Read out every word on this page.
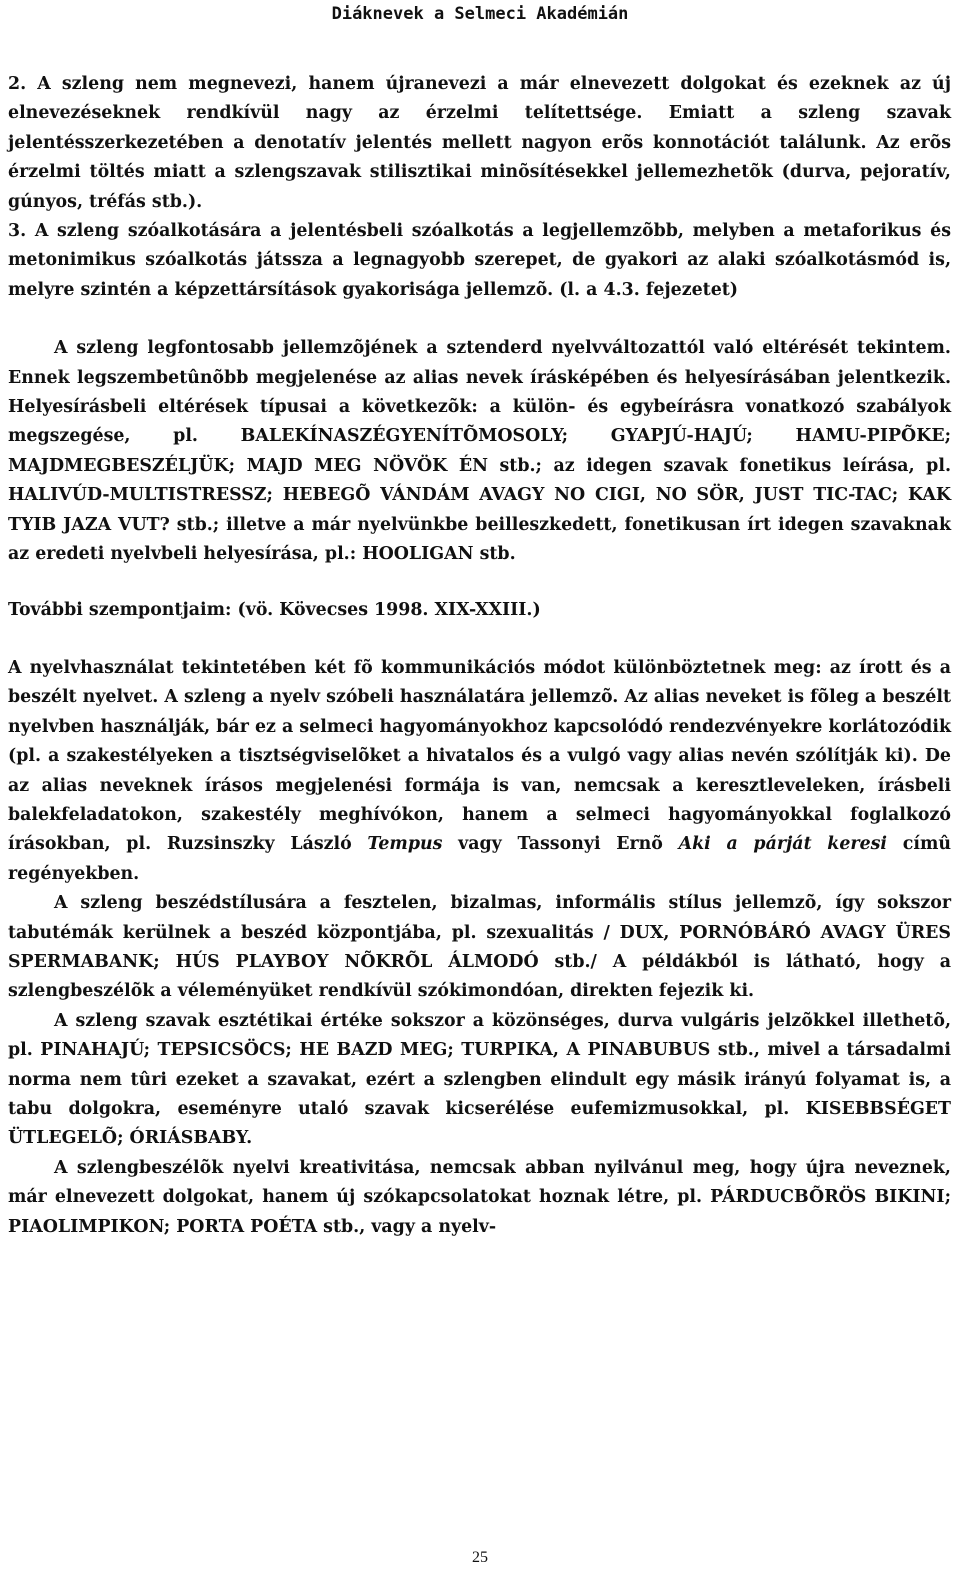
Diáknevek a Selmeci Akadémián

2. A szleng nem megnevezi, hanem újranevezi a már elnevezett dolgokat és ezeknek az új elnevezéseknek rendkívül nagy az érzelmi telítettsége. Emiatt a szleng szavak jelentésszerkezetében a denotatív jelentés mellett nagyon erõs konnotációt találunk. Az erõs érzelmi töltés miatt a szlengszavak stilisztikai minõsítésekkel jellemezhetõk (durva, pejoratív, gúnyos, tréfás stb.).

3. A szleng szóalkotására a jelentésbeli szóalkotás a legjellemzõbb, melyben a metaforikus és metonimikus szóalkotás játssza a legnagyobb szerepet, de gyakori az alaki szóalkotásmód is, melyre szintén a képzettársítások gyakorisága jellemzõ. (l. a 4.3. fejezetet)

A szleng legfontosabb jellemzõjének a sztenderd nyelvváltozattól való eltérését tekintem. Ennek legszembetûnõbb megjelenése az alias nevek írásképében és helyesírásában jelentkezik. Helyesírásbeli eltérések típusai a következõk: a külön- és egybeírásra vonatkozó szabályok megszegése, pl. BALEKÍNASZÉGYENÍTÕMOSOLY; GYAPJÚ-HAJÚ; HAMU-PIPÕKE; MAJDMEGBESZÉLJÜK; MAJD MEG NÖVÖK ÉN stb.; az idegen szavak fonetikus leírása, pl. HALIVÚD-MULTISTRESSZ; HEBEGÕ VÁNDÁM AVAGY NO CIGI, NO SÖR, JUST TIC-TAC; KAK TYIB JAZA VUT? stb.; illetve a már nyelvünkbe beilleszkedett, fonetikusan írt idegen szavaknak az eredeti nyelvbeli helyesírása, pl.: HOOLIGAN stb.

További szempontjaim: (vö. Kövecses 1998. XIX-XXIII.)

A nyelvhasználat tekintetében két fõ kommunikációs módot különböztetnek meg: az írott és a beszélt nyelvet. A szleng a nyelv szóbeli használatára jellemzõ. Az alias neveket is fõleg a beszélt nyelvben használják, bár ez a selmeci hagyományokhoz kapcsolódó rendezvényekre korlátozódik (pl. a szakestélyeken a tisztségviselõket a hivatalos és a vulgó vagy alias nevén szólítják ki). De az alias neveknek írásos megjelenési formája is van, nemcsak a keresztleveleken, írásbeli balekfeladatokon, szakestély meghívókon, hanem a selmeci hagyományokkal foglalkozó írásokban, pl. Ruzsinszky László Tempus vagy Tassonyi Ernõ Aki a párját keresi címû regényekben.

A szleng beszédstílusára a fesztelen, bizalmas, informális stílus jellemzõ, így sokszor tabutémák kerülnek a beszéd központjába, pl. szexualitás / DUX, PORNÓBÁRÓ AVAGY ÜRES SPERMABANK; HÚS PLAYBOY NÕKRÕL ÁLMODÓ stb./ A példákból is látható, hogy a szlengbeszélõk a véleményüket rendkívül szókimondóan, direkten fejezik ki.

A szleng szavak esztétikai értéke sokszor a közönséges, durva vulgáris jelzõkkel illethetõ, pl. PINAHAJÚ; TEPSICSÖCS; HE BAZD MEG; TURPIKA, A PINABUBUS stb., mivel a társadalmi norma nem tûri ezeket a szavakat, ezért a szlengben elindult egy másik irányú folyamat is, a tabu dolgokra, eseményre utaló szavak kicserélése eufemizmusokkal, pl. KISEBBSÉGET ÜTLEGELÕ; ÓRIÁSBABY.

A szlengbeszélõk nyelvi kreativitása, nemcsak abban nyilvánul meg, hogy újra neveznek, már elnevezett dolgokat, hanem új szókapcsolatokat hoznak létre, pl. PÁRDUCBÕRÖS BIKINI; PIAOLIMPIKON; PORTA POÉTA stb., vagy a nyelv-

25
